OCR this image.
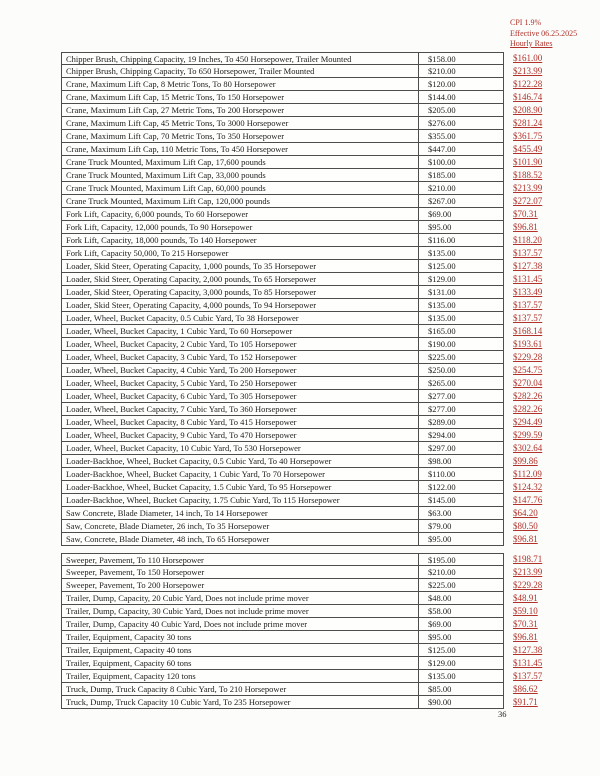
CPI 1.9%
Effective 06.25.2025
Hourly Rates
Chipper Brush, Chipping Capacity, 19 Inches, To 450 Horsepower, Trailer Mounted	$158.00	$161.00
Chipper Brush, Chipping Capacity, To 650 Horsepower, Trailer Mounted	$210.00	$213.99
Crane, Maximum Lift Cap, 8 Metric Tons, To 80 Horsepower	$120.00	$122.28
Crane, Maximum Lift Cap, 15 Metric Tons, To 150 Horsepower	$144.00	$146.74
Crane, Maximum Lift Cap, 27 Metric Tons, To 200 Horsepower	$205.00	$208.90
Crane, Maximum Lift Cap, 45 Metric Tons, To 3000 Horsepower	$276.00	$281.24
Crane, Maximum Lift Cap, 70 Metric Tons, To 350 Horsepower	$355.00	$361.75
Crane, Maximum Lift Cap, 110 Metric Tons, To 450 Horsepower	$447.00	$455.49
Crane Truck Mounted, Maximum Lift Cap, 17,600 pounds	$100.00	$101.90
Crane Truck Mounted, Maximum Lift Cap, 33,000 pounds	$185.00	$188.52
Crane Truck Mounted, Maximum Lift Cap, 60,000 pounds	$210.00	$213.99
Crane Truck Mounted, Maximum Lift Cap, 120,000 pounds	$267.00	$272.07
Fork Lift, Capacity, 6,000 pounds, To 60 Horsepower	$69.00	$70.31
Fork Lift, Capacity, 12,000 pounds, To 90 Horsepower	$95.00	$96.81
Fork Lift, Capacity, 18,000 pounds, To 140 Horsepower	$116.00	$118.20
Fork Lift, Capacity 50,000, To 215 Horsepower	$135.00	$137.57
Loader, Skid Steer, Operating Capacity, 1,000 pounds, To 35 Horsepower	$125.00	$127.38
Loader, Skid Steer, Operating Capacity, 2,000 pounds, To 65 Horsepower	$129.00	$131.45
Loader, Skid Steer, Operating Capacity, 3,000 pounds, To 85 Horsepower	$131.00	$133.49
Loader, Skid Steer, Operating Capacity, 4,000 pounds, To 94 Horsepower	$135.00	$137.57
Loader, Wheel, Bucket Capacity, 0.5 Cubic Yard, To 38 Horsepower	$135.00	$137.57
Loader, Wheel, Bucket Capacity, 1 Cubic Yard, To 60 Horsepower	$165.00	$168.14
Loader, Wheel, Bucket Capacity, 2 Cubic Yard, To 105 Horsepower	$190.00	$193.61
Loader, Wheel, Bucket Capacity, 3 Cubic Yard, To 152 Horsepower	$225.00	$229.28
Loader, Wheel, Bucket Capacity, 4 Cubic Yard, To 200 Horsepower	$250.00	$254.75
Loader, Wheel, Bucket Capacity, 5 Cubic Yard, To 250 Horsepower	$265.00	$270.04
Loader, Wheel, Bucket Capacity, 6 Cubic Yard, To 305 Horsepower	$277.00	$282.26
Loader, Wheel, Bucket Capacity, 7 Cubic Yard, To 360 Horsepower	$277.00	$282.26
Loader, Wheel, Bucket Capacity, 8 Cubic Yard, To 415 Horsepower	$289.00	$294.49
Loader, Wheel, Bucket Capacity, 9 Cubic Yard, To 470 Horsepower	$294.00	$299.59
Loader, Wheel, Bucket Capacity, 10 Cubic Yard, To 530 Horsepower	$297.00	$302.64
Loader-Backhoe, Wheel, Bucket Capacity, 0.5 Cubic Yard, To 40 Horsepower	$98.00	$99.86
Loader-Backhoe, Wheel, Bucket Capacity, 1 Cubic Yard, To 70 Horsepower	$110.00	$112.09
Loader-Backhoe, Wheel, Bucket Capacity, 1.5 Cubic Yard, To 95 Horsepower	$122.00	$124.32
Loader-Backhoe, Wheel, Bucket Capacity, 1.75 Cubic Yard, To 115 Horsepower	$145.00	$147.76
Saw Concrete, Blade Diameter, 14 inch, To 14 Horsepower	$63.00	$64.20
Saw, Concrete, Blade Diameter, 26 inch, To 35 Horsepower	$79.00	$80.50
Saw, Concrete, Blade Diameter, 48 inch, To 65 Horsepower	$95.00	$96.81
Sweeper, Pavement, To 110 Horsepower	$195.00	$198.71
Sweeper, Pavement, To 150 Horsepower	$210.00	$213.99
Sweeper, Pavement, To 200 Horsepower	$225.00	$229.28
Trailer, Dump, Capacity, 20 Cubic Yard, Does not include prime mover	$48.00	$48.91
Trailer, Dump, Capacity, 30 Cubic Yard, Does not include prime mover	$58.00	$59.10
Trailer, Dump, Capacity 40 Cubic Yard, Does not include prime mover	$69.00	$70.31
Trailer, Equipment, Capacity 30 tons	$95.00	$96.81
Trailer, Equipment, Capacity 40 tons	$125.00	$127.38
Trailer, Equipment, Capacity 60 tons	$129.00	$131.45
Trailer, Equipment, Capacity 120 tons	$135.00	$137.57
Truck, Dump, Truck Capacity 8 Cubic Yard, To 210 Horsepower	$85.00	$86.62
Truck, Dump, Truck Capacity 10 Cubic Yard, To 235 Horsepower	$90.00	$91.71
36
